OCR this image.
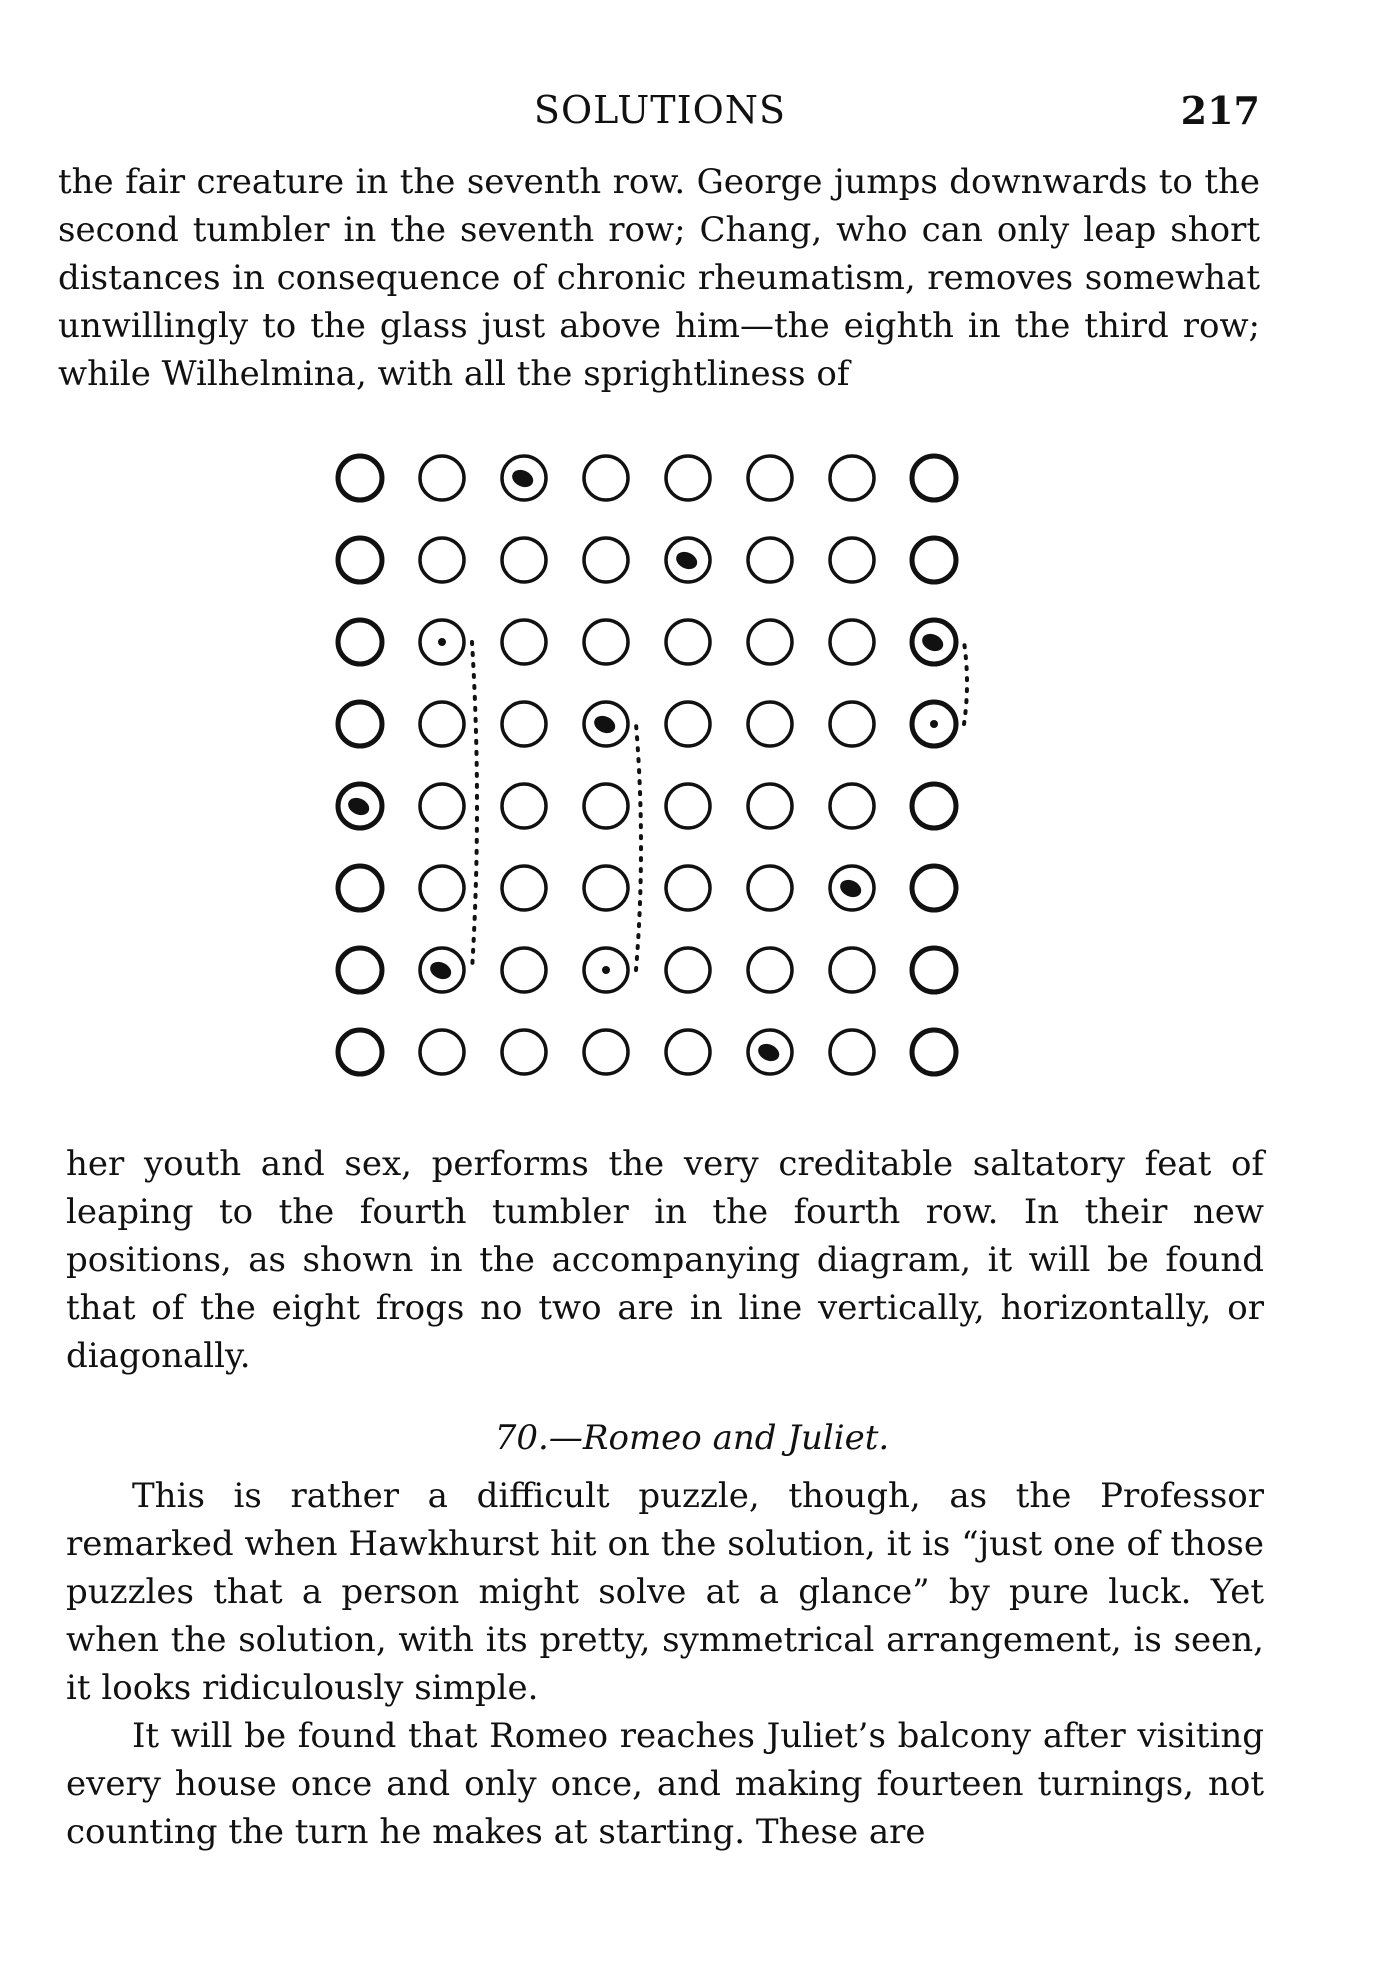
SOLUTIONS	217

the fair creature in the seventh row. George jumps downwards to the second tumbler in the seventh row; Chang, who can only leap short distances in consequence of chronic rheumatism, removes somewhat unwillingly to the glass just above him—the eighth in the third row; while Wilhelmina, with all the sprightliness of

her youth and sex, performs the very creditable saltatory feat of leaping to the fourth tumbler in the fourth row. In their new positions, as shown in the accompanying diagram, it will be found that of the eight frogs no two are in line vertically, horizontally, or diagonally.

70.—Romeo and Juliet.

This is rather a difficult puzzle, though, as the Professor remarked when Hawkhurst hit on the solution, it is “just one of those puzzles that a person might solve at a glance” by pure luck. Yet when the solution, with its pretty, symmetrical arrangement, is seen, it looks ridiculously simple.

It will be found that Romeo reaches Juliet’s balcony after visiting every house once and only once, and making fourteen turnings, not counting the turn he makes at starting. These are
